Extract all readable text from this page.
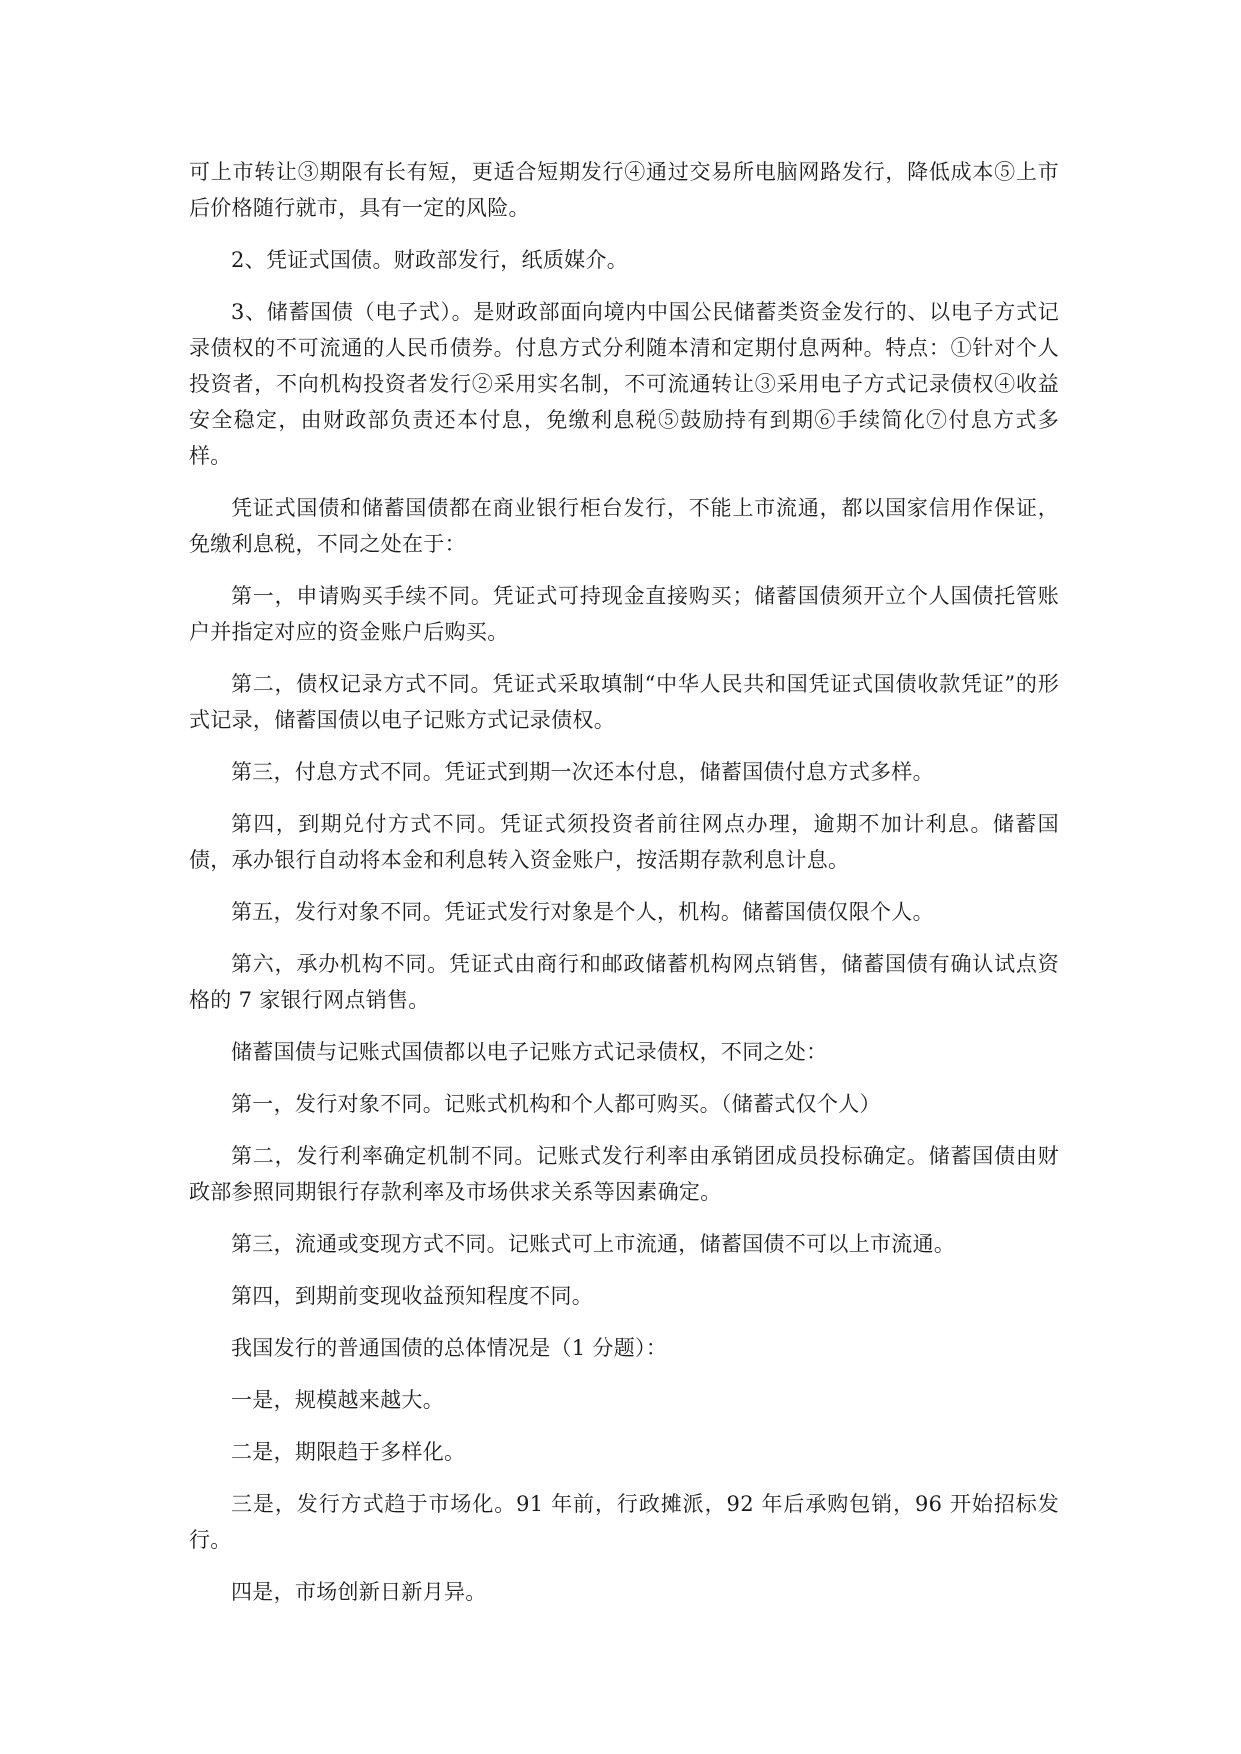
可上市转让③期限有长有短，更适合短期发行④通过交易所电脑网路发行，降低成本⑤上市后价格随行就市，具有一定的风险。

2、凭证式国债。财政部发行，纸质媒介。

3、储蓄国债（电子式）。是财政部面向境内中国公民储蓄类资金发行的、以电子方式记录债权的不可流通的人民币债券。付息方式分利随本清和定期付息两种。特点：①针对个人投资者，不向机构投资者发行②采用实名制，不可流通转让③采用电子方式记录债权④收益安全稳定，由财政部负责还本付息，免缴利息税⑤鼓励持有到期⑥手续简化⑦付息方式多样。

凭证式国债和储蓄国债都在商业银行柜台发行，不能上市流通，都以国家信用作保证，免缴利息税，不同之处在于：

第一，申请购买手续不同。凭证式可持现金直接购买；储蓄国债须开立个人国债托管账户并指定对应的资金账户后购买。

第二，债权记录方式不同。凭证式采取填制“中华人民共和国凭证式国债收款凭证”的形式记录，储蓄国债以电子记账方式记录债权。

第三，付息方式不同。凭证式到期一次还本付息，储蓄国债付息方式多样。

第四，到期兑付方式不同。凭证式须投资者前往网点办理，逾期不加计利息。储蓄国债，承办银行自动将本金和利息转入资金账户，按活期存款利息计息。

第五，发行对象不同。凭证式发行对象是个人，机构。储蓄国债仅限个人。

第六，承办机构不同。凭证式由商行和邮政储蓄机构网点销售，储蓄国债有确认试点资格的 7 家银行网点销售。

储蓄国债与记账式国债都以电子记账方式记录债权，不同之处：

第一，发行对象不同。记账式机构和个人都可购买。（储蓄式仅个人）

第二，发行利率确定机制不同。记账式发行利率由承销团成员投标确定。储蓄国债由财政部参照同期银行存款利率及市场供求关系等因素确定。

第三，流通或变现方式不同。记账式可上市流通，储蓄国债不可以上市流通。

第四，到期前变现收益预知程度不同。

我国发行的普通国债的总体情况是（1 分题）：

一是，规模越来越大。

二是，期限趋于多样化。

三是，发行方式趋于市场化。91 年前，行政摊派，92 年后承购包销，96 开始招标发行。

四是，市场创新日新月异。
